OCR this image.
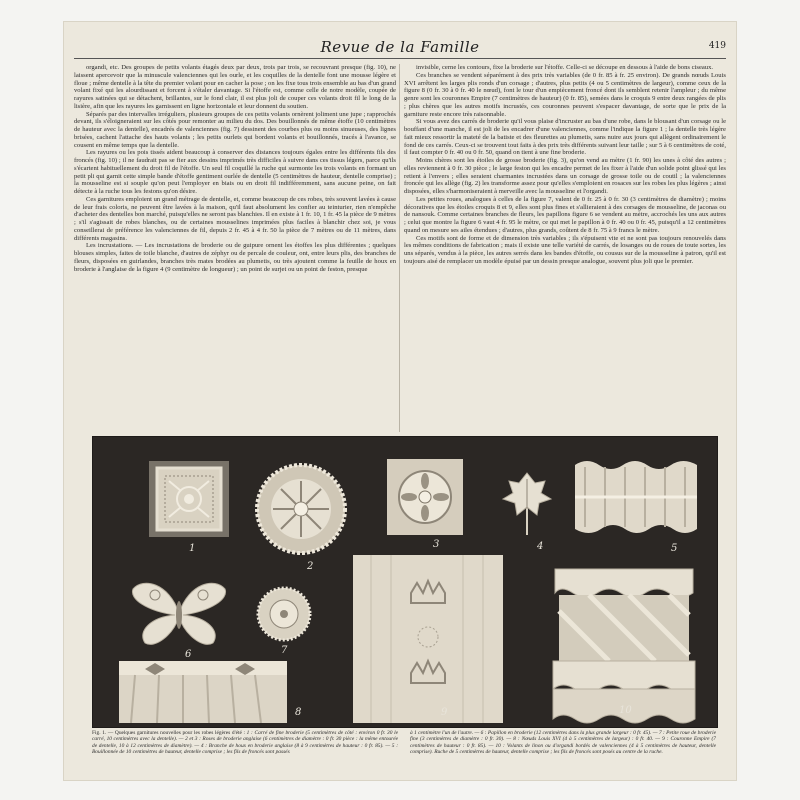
Revue de la Famille	419

organdi, etc. Des groupes de petits volants étagés deux par deux, trois par trois, se recouvrant presque (fig. 10), ne laissent apercevoir que la minuscule valenciennes qui les ourle, et les coquilles de la dentelle font une mousse légère et floue ; même dentelle à la tête du premier volant pour en cacher la pose ; on les fixe tous trois ensemble au bas d'un grand volant fixé qui les alourdissant et forcent à s'étaler davantage. Si l'étoffe est, comme celle de notre modèle, coupée de rayures satinées qui se détachent, brillantes, sur le fond clair, il est plus joli de couper ces volants droit fil le long de la lisière, afin que les rayures les garnissent en ligne horizontale et leur donnent du soutien.

Séparés par des intervalles irréguliers, plusieurs groupes de ces petits volants ornèrent joliment une jupe ; rapprochés devant, ils s'éloigneraient sur les côtés pour remonter au milieu du dos. Des bouillonnés de même étoffe (10 centimètres de hauteur avec la dentelle), encadrés de valenciennes (fig. 7) dessinent des courbes plus ou moins sinueuses, des lignes brisées, cachent l'attache des hauts volants ; les petits ourlets qui bordent volants et bouillonnés, tracés à l'avance, se cousent en même temps que la dentelle.

Les rayures ou les pois tissés aident beaucoup à conserver des distances toujours égales entre les différents fils des froncés (fig. 10) ; il ne faudrait pas se fier aux dessins imprimés très difficiles à suivre dans ces tissus légers, parce qu'ils s'écartent habituellement du droit fil de l'étoffe. Un seul fil coquillé la ruche qui surmonte les trois volants en formant un petit pli qui garnit cette simple bande d'étoffe gentiment ourlée de dentelle (5 centimètres de hauteur, dentelle comprise) ; la mousseline est si souple qu'on peut l'employer en biais ou en droit fil indifféremment, sans aucune peine, on fait détecte à la ruche tous les festons qu'on désire.

Ces garnitures emploient un grand métrage de dentelle, et, comme beaucoup de ces robes, très souvent lavées à cause de leur frais coloris, ne peuvent être lavées à la maison, qu'il faut absolument les confier au teinturier, rien n'empêche d'acheter des dentelles bon marché, puisqu'elles ne seront pas blanchies. Il en existe à 1 fr. 10, 1 fr. 45 la pièce de 9 mètres ; s'il s'agissait de robes blanches, ou de certaines mousselines imprimées plus faciles à blanchir chez soi, je vous conseillerai de préférence les valenciennes de fil, depuis 2 fr. 45 à 4 fr. 50 la pièce de 7 mètres ou de 11 mètres, dans différents magasins.

Les incrustations. — Les incrustations de broderie ou de guipure ornent les étoffes les plus différentes ; quelques blouses simples, faites de toile blanche, d'autres de zéphyr ou de percale de couleur, ont, entre leurs plis, des branches de fleurs, disposées en guirlandes, branches très mates brodées au plumetis, ou très ajoutent comme la feuille de houx en broderie à l'anglaise de la figure 4 (9 centimètre de longueur) ; un point de surjet ou un point de feston, presque

invisible, cerne les contours, fixe la broderie sur l'étoffe. Celle-ci se découpe en dessous à l'aide de bons ciseaux.

Ces branches se vendent séparément à des prix très variables (de 0 fr. 85 à fr. 25 environ). De grands nœuds Louis XVI arrêtent les larges plis ronds d'un corsage ; d'autres, plus petits (4 ou 5 centimètres de largeur), comme ceux de la figure 8 (0 fr. 30 à 0 fr. 40 le nœud), font le tour d'un empiècement froncé dont ils semblent retenir l'ampleur ; du même genre sont les couronnes Empire (7 centimètres de hauteur) (0 fr. 85), semées dans le croquis 9 entre deux rangées de plis ; plus chères que les autres motifs incrustés, ces couronnes peuvent s'espacer davantage, de sorte que le prix de la garniture reste encore très raisonnable.

Si vous avez des carrés de broderie qu'il vous plaise d'incruster au bas d'une robe, dans le blousant d'un corsage ou le bouffant d'une manche, il est joli de les encadrer d'une valenciennes, comme l'indique la figure 1 ; la dentelle très légère fait mieux ressortir la mateté de la batiste et des fleurettes au plumetis, sans nuire aux jours qui allègent ordinairement le fond de ces carrés. Ceux-ci se trouvent tout faits à des prix très différents suivant leur taille ; sur 5 à 6 centimètres de coté, il faut compter 0 fr. 40 ou 0 fr. 50, quand on tient à une fine broderie.

Moins chères sont les étoiles de grosse broderie (fig. 3), qu'on vend au mètre (1 fr. 90) les unes à côté des autres ; elles reviennent à 0 fr. 30 pièce ; le large feston qui les encadre permet de les fixer à l'aide d'un solide point glissé qui les retient à l'envers ; elles seraient charmantes incrustées dans un corsage de grosse toile ou de coutil ; la valenciennes froncée qui les allège (fig. 2) les transforme assez pour qu'elles s'emploient en rosaces sur les robes les plus légères ; ainsi disposées, elles s'harmoniseraient à merveille avec la mousseline et l'organdi.

Les petites roues, analogues à celles de la figure 7, valent de 0 fr. 25 à 0 fr. 30 (3 centimètres de diamètre) ; moins décoratives que les étoiles croquis 8 et 9, elles sont plus fines et s'allieraient à des corsages de mousseline, de jaconas ou de nansouk. Comme certaines branches de fleurs, les papillons figure 6 se vendent au mètre, accrochés les uns aux autres ; celui que montre la figure 6 vaut 4 fr. 95 le mètre, ce qui met le papillon à 0 fr. 40 ou 0 fr. 45, puisqu'il a 12 centimètres quand on mesure ses ailes étendues ; d'autres, plus grands, coûtent de 8 fr. 75 à 9 francs le mètre.

Ces motifs sont de forme et de dimension très variables ; ils s'épuisent vite et ne sont pas toujours renouvelés dans les mêmes conditions de fabrication ; mais il existe une telle variété de carrés, de losanges ou de roues de toute sortes, les uns séparés, vendus à la pièce, les autres serrés dans les bandes d'étoffe, ou cousus sur de la mousseline à patron, qu'il est toujours aisé de remplacer un modèle épuisé par un dessin presque analogue, souvent plus joli que le premier.

1
2
3	4	5
6	7
8	9	10
Fig. 1. — Quelques garnitures nouvelles pour les robes légères d'été : 1 : Carré de fine broderie (5 centimètres de côté : environ 0 fr. 30 le carré, 10 centimètres avec la dentelle). — 2 et 3 : Roses de broderie anglaise (6 centimètres de diamètre : 0 fr. 30 pièce : la même entourée de dentelle, 10 à 12 centimètres de diamètre). — 4 : Branche de houx en broderie anglaise (8 à 9 centimètres de hauteur : 0 fr. 85). — 5 : Bouillonnée de 10 centimètres de hauteur, dentelle comprise ; les fils de froncés sont passés
à 1 centimètre l'un de l'autre. — 6 : Papillon en broderie (12 centimètres dans la plus grande largeur : 0 fr. 45). — 7 : Petite roue de broderie fine (3 centimètres de diamètre : 0 fr. 30). — 8 : Nœuds Louis XVI (4 à 5 centimètres de largeur) : 0 fr. 40. — 9 : Couronne Empire (7 centimètres de hauteur : 0 fr. 85). — 10 : Volants de linon ou d'organdi bordés de valenciennes (4 à 5 centimètres de hauteur, dentelle comprise). Ruche de 5 centimètres de hauteur, dentelle comprise ; les fils de froncés sont posés au centre de la ruche.
